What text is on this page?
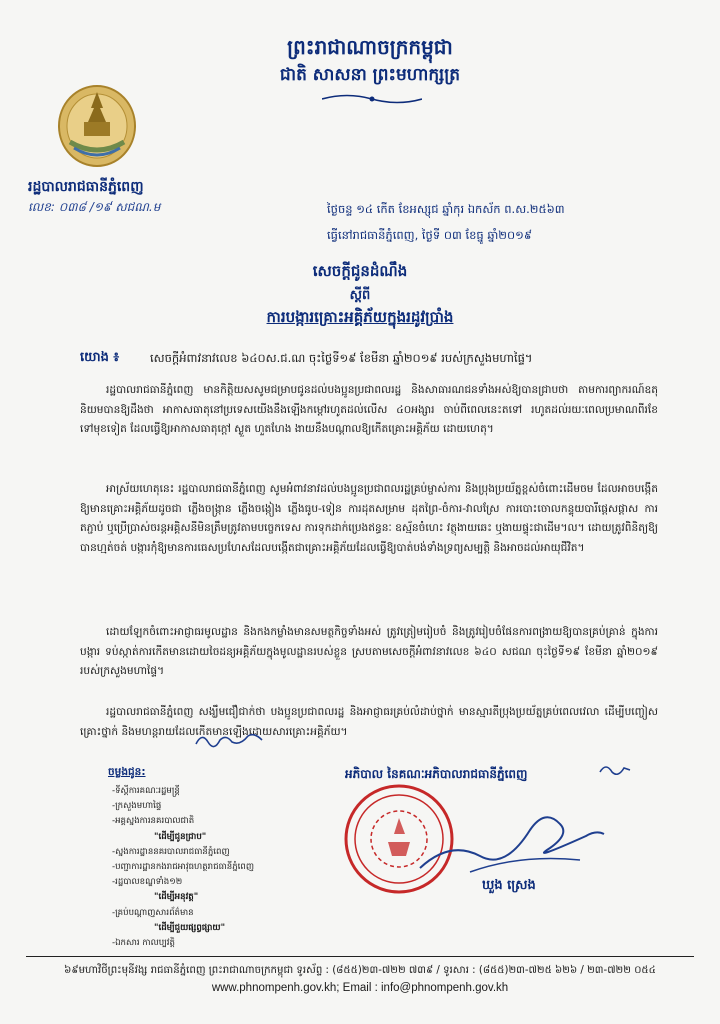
ព្រះរាជាណាចក្រកម្ពុជា
ជាតិ សាសនា ព្រះមហាក្សត្រ
រដ្ឋបាលរាជធានីភ្នំពេញ
លេខ: ០៣៨ /១៩ សជណ.ម	ថ្ងៃចន្ទ ១៤ កើត ខែអស្សុជ ឆ្នាំកុរ ឯកស័ក ព.ស.២៥៦៣
ធ្វើនៅរាជធានីភ្នំពេញ, ថ្ងៃទី ០៣ ខែធ្នូ ឆ្នាំ២០១៩
សេចក្ដីជូនដំណឹង
ស្ដីពី
ការបង្ការគ្រោះអគ្គិភ័យក្នុងរដូវប្រាំង
យោង ៖	សេចក្តីអំពាវនាវលេខ ៦៤០ស.ជ.ណ ចុះថ្ងៃទី១៩ ខែមីនា ឆ្នាំ២០១៩ របស់ក្រសួងមហាផ្ទៃ។

រដ្ឋបាលរាជធានីភ្នំពេញ មានកិត្តិយសសូមជម្រាបជូនដល់បងប្អូនប្រជាពលរដ្ឋ និងសាធារណជនទាំងអស់ឱ្យបានជ្រាបថា តាមការព្យាករណ៍ឧតុនិយមបានឱ្យដឹងថា អាកាសធាតុនៅប្រទេសយើងនឹងឡើងកម្តៅរហូតដល់លើស ៤០អង្សារ ចាប់ពីពេលនេះតទៅ រហូតដល់រយៈពេលប្រមាណពីរខែទៅមុខទៀត ដែលធ្វើឱ្យអាកាសធាតុក្តៅ ស្ងួត ហួតហែង ងាយនឹងបណ្តាលឱ្យកើតគ្រោះអគ្គិភ័យ ដោយហេតុ។

អាស្រ័យហេតុនេះ រដ្ឋបាលរាជធានីភ្នំពេញ សូមអំពាវនាវដល់បងប្អូនប្រជាពលរដ្ឋគ្រប់ម្ចាស់ការ និងប្រុងប្រយ័ត្នខ្ពស់ចំពោះដើមចម ដែលអាចបង្កើតឱ្យមានគ្រោះអគ្គិភ័យដូចជា ភ្លើងចង្ក្រាន ភ្លើងចង្កៀង ភ្លើងធូប-ទៀន ការដុតសម្រាម ដុតព្រៃ-ចំការ-វាលស្រែ ការបោះចោលកន្ទុយបារីផ្តេសផ្តាស ការតភ្ជាប់ ឬប្រើប្រាស់ចរន្តអគ្គិសនីមិនត្រឹមត្រូវតាមបច្ចេកទេស ការទុកដាក់ប្រេងឥន្ធនៈ ឧស្ម័នចំហេះ វត្ថុងាយឆេះ ឬងាយផ្ទុះជាដើម។ល។ ដោយត្រូវពិនិត្យឱ្យបានហ្មត់ចត់ បង្ការកុំឱ្យមានការធេសប្រហែសដែលបង្កើតជាគ្រោះអគ្គិភ័យដែលធ្វើឱ្យបាត់បង់ទាំងទ្រព្យសម្បត្តិ និងអាចដល់អាយុជីវិត។

ដោយឡែកចំពោះអាជ្ញាធរមូលដ្ឋាន និងកងកម្លាំងមានសមត្ថកិច្ចទាំងអស់ ត្រូវត្រៀមរៀបចំ និងត្រូវរៀបចំផែនការពង្រាយឱ្យបានគ្រប់គ្រាន់ ក្នុងការបង្ការ ទប់ស្កាត់ការកើតមានដោយចៃដន្យអគ្គិភ័យក្នុងមូលដ្ឋានរបស់ខ្លួន ស្របតាមសេចក្តីអំពាវនាវលេខ ៦៤០ សជណ ចុះថ្ងៃទី១៩ ខែមីនា ឆ្នាំ២០១៩ របស់ក្រសួងមហាផ្ទៃ។

រដ្ឋបាលរាជធានីភ្នំពេញ សង្ឃឹមជឿជាក់ថា បងប្អូនប្រជាពលរដ្ឋ និងអាជ្ញាធរគ្រប់លំដាប់ថ្នាក់ មានស្មារតីប្រុងប្រយ័ត្នគ្រប់ពេលវេលា ដើម្បីបញ្ចៀសគ្រោះថ្នាក់ និងមហន្តរាយដែលកើតមានឡើងដោយសារគ្រោះអគ្គិភ័យ។

អភិបាល នៃគណៈអភិបាលរាជធានីភ្នំពេញ
ឃួង ស្រេង
ចម្លងជូន:
-ទីស្តីការគណៈរដ្ឋមន្ត្រី
-ក្រសួងមហាផ្ទៃ
-អគ្គស្នងការនគរបាលជាតិ
"ដើម្បីជូនជ្រាប"
-ស្នងការដ្ឋាននគរបាលរាជធានីភ្នំពេញ
-បញ្ជាការដ្ឋានកងរាជអាវុធហត្ថរាជធានីភ្នំពេញ
-រដ្ឋបាលខណ្ឌទាំង១២
"ដើម្បីអនុវត្ត"
-គ្រប់បណ្ដាញសារព័ត៌មាន
"ដើម្បីជួយផ្សព្វផ្សាយ"
-ឯកសារ កាលប្បវត្តិ
៦៩មហាវិថីព្រះមុនីវង្ស រាជធានីភ្នំពេញ ព្រះរាជាណាចក្រកម្ពុជា ទូរស័ព្ទ : (៨៥៥)២៣-៧២២ ៧៣៩ / ទូរសារ : (៨៥៥)២៣-៧២៥ ៦២៦ / ២៣-៧២២ ០៥៤
www.phnompenh.gov.kh; Email : info@phnompenh.gov.kh
